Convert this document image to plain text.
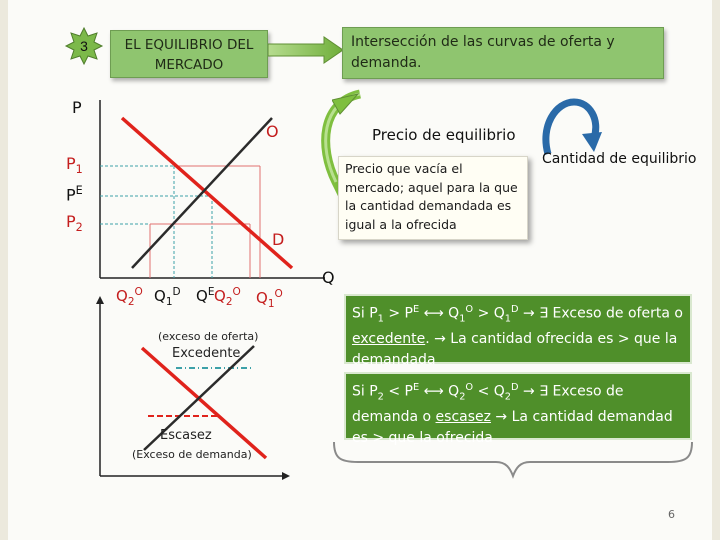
3	EL EQUILIBRIO DEL MERCADO
Intersección de las curvas de oferta y demanda.
P
Q
O
D
$P_1$
$P^E$
$P_2$
$Q_2^O$ $Q_1^D$ $Q^E$ $Q_2^O$ $Q_1^O$
(exceso de oferta)
Excedente
Escasez
(Exceso de demanda)
Precio de equilibrio
Precio que vacía el mercado; aquel para la que la cantidad demandada es igual a la ofrecida
Cantidad de equilibrio
Si $P_1 > P^E$ ⟷ $Q_1^O > Q_1^D$ → ∃ Exceso de oferta o excedente. → La cantidad ofrecida es > que la demandada
Si $P_2 < P^E$ ⟷ $Q_2^O < Q_2^D$ → ∃ Exceso de demanda o escasez → La cantidad demandad es > que la ofrecida
6
